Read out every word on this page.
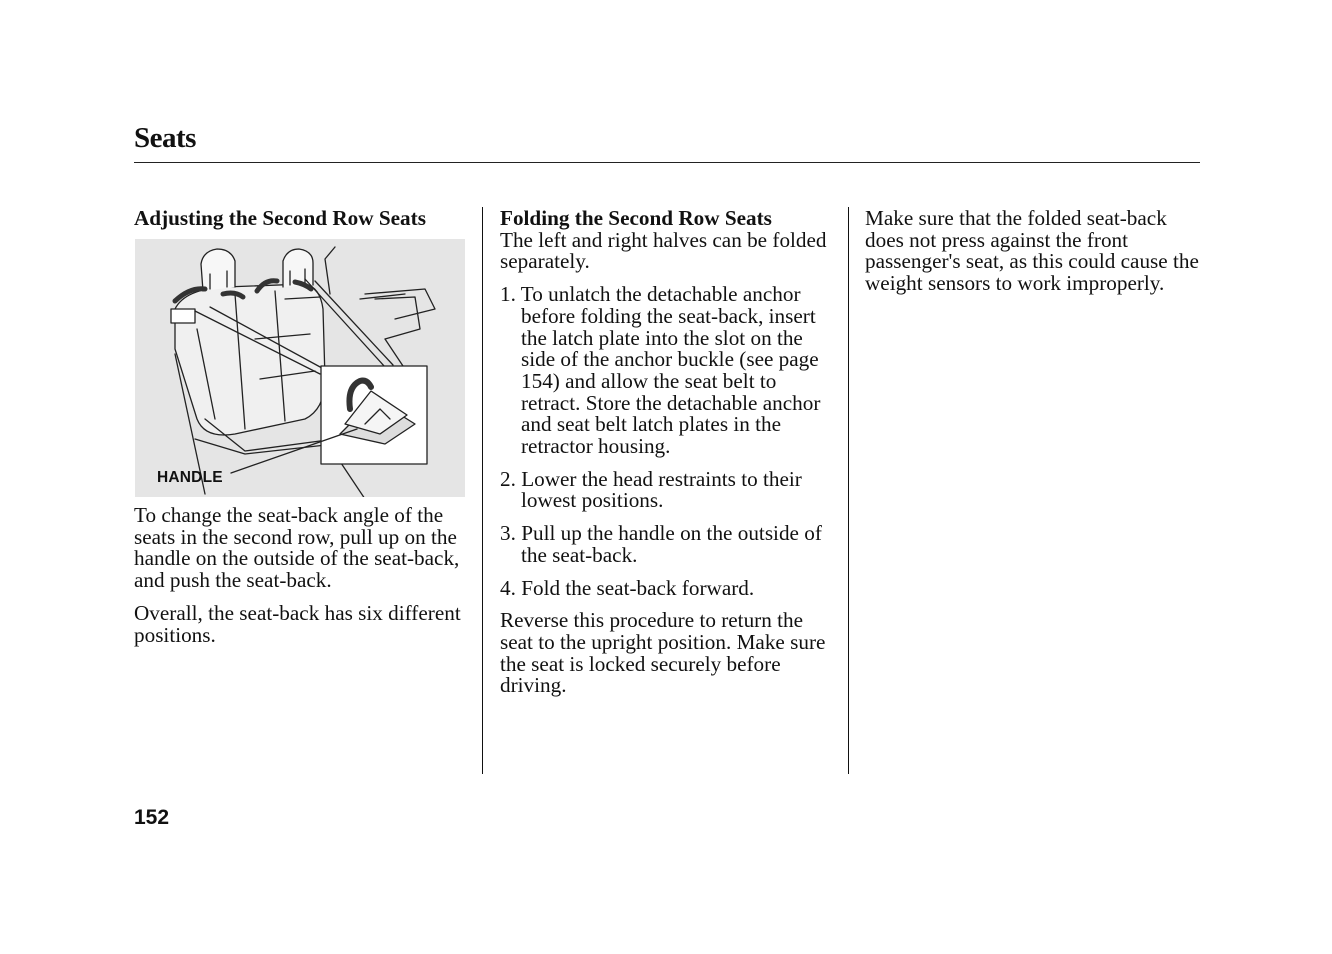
Seats

Adjusting the Second Row Seats

HANDLE

To change the seat-back angle of the seats in the second row, pull up on the handle on the outside of the seat-back, and push the seat-back.

Overall, the seat-back has six different positions.

Folding the Second Row Seats

The left and right halves can be folded separately.

1. To unlatch the detachable anchor before folding the seat-back, insert the latch plate into the slot on the side of the anchor buckle (see page 154) and allow the seat belt to retract. Store the detachable anchor and seat belt latch plates in the retractor housing.
2. Lower the head restraints to their lowest positions.
3. Pull up the handle on the outside of the seat-back.
4. Fold the seat-back forward.

Reverse this procedure to return the seat to the upright position. Make sure the seat is locked securely before driving.

Make sure that the folded seat-back does not press against the front passenger's seat, as this could cause the weight sensors to work improperly.

152
